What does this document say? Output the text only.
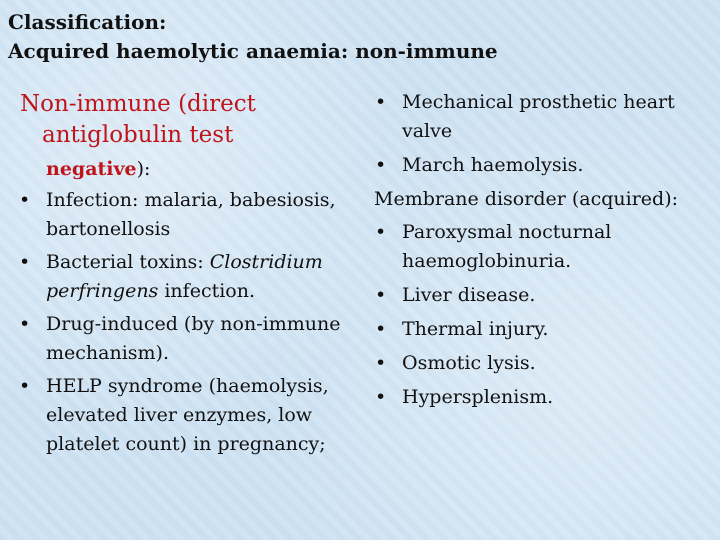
Classification:
Acquired haemolytic anaemia: non-immune
Non-immune (direct
antiglobulin test

negative):

• Infection: malaria, babesiosis, bartonellosis
• Bacterial toxins: Clostridium perfringens infection.
• Drug-induced (by non-immune mechanism).
• HELP syndrome (haemolysis, elevated liver enzymes, low platelet count) in pregnancy;
• Mechanical prosthetic heart valve
• March haemolysis.

Membrane disorder (acquired):

• Paroxysmal nocturnal haemoglobinuria.
• Liver disease.
• Thermal injury.
• Osmotic lysis.
• Hypersplenism.
